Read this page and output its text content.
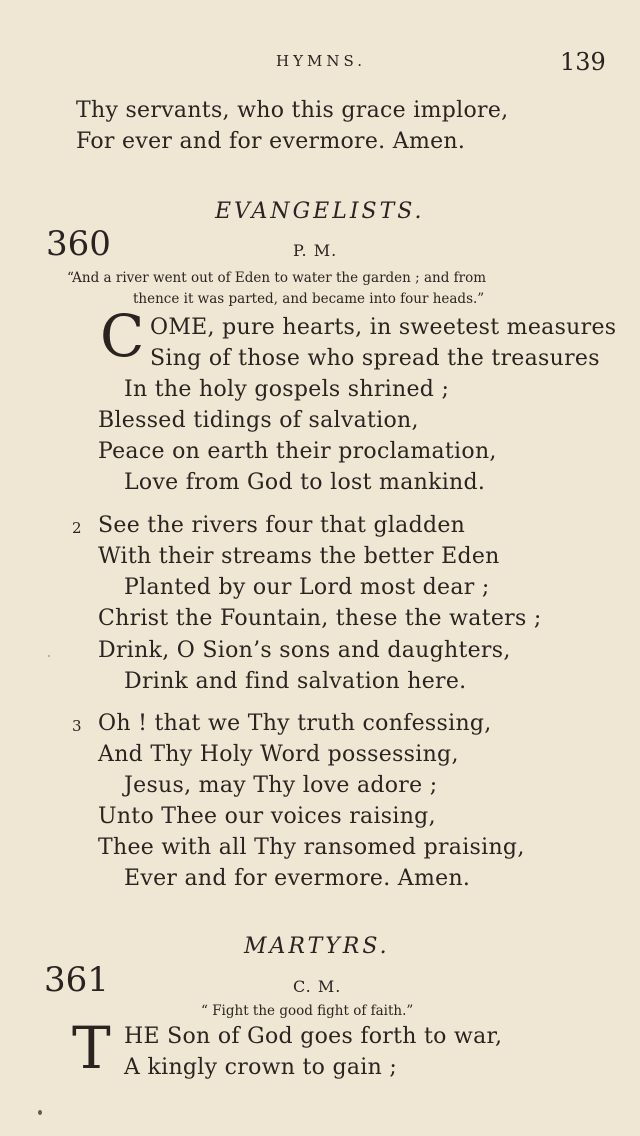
HYMNS.	139
Thy servants, who this grace implore,
For ever and for evermore. Amen.
EVANGELISTS.
360	P. M.
“And a river went out of Eden to water the garden ; and from
thence it was parted, and became into four heads.”
C OME, pure hearts, in sweetest measures
Sing of those who spread the treasures
In the holy gospels shrined ;
Blessed tidings of salvation,
Peace on earth their proclamation,
Love from God to lost mankind.
2 See the rivers four that gladden
With their streams the better Eden
Planted by our Lord most dear ;
Christ the Fountain, these the waters ;
Drink, O Sion’s sons and daughters,
Drink and find salvation here.
3 Oh ! that we Thy truth confessing,
And Thy Holy Word possessing,
Jesus, may Thy love adore ;
Unto Thee our voices raising,
Thee with all Thy ransomed praising,
Ever and for evermore. Amen.
MARTYRS.
361	C. M.
“ Fight the good fight of faith.”
T HE Son of God goes forth to war,
A kingly crown to gain ;
